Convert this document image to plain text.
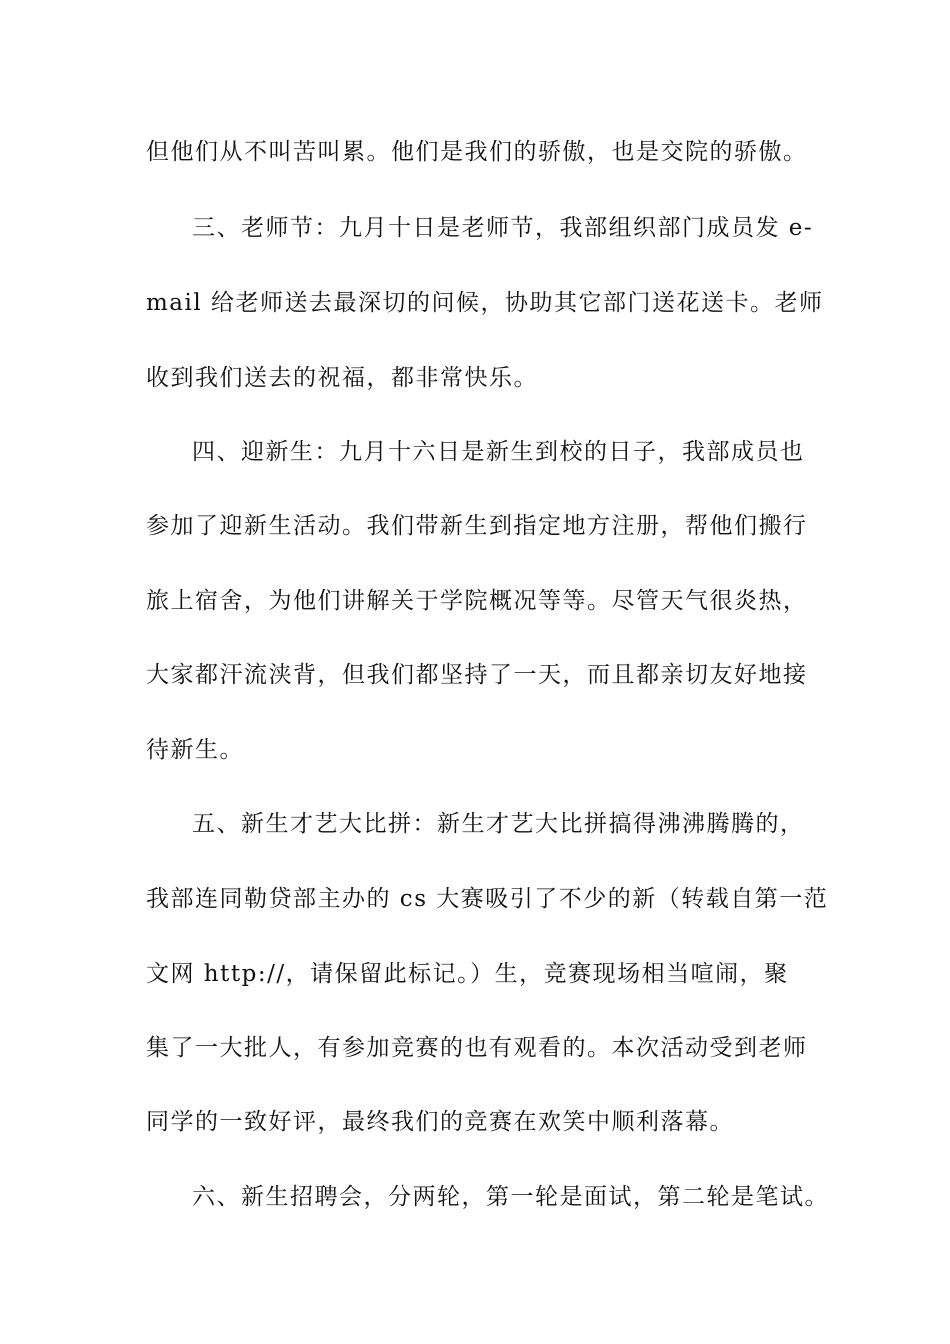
但他们从不叫苦叫累。他们是我们的骄傲，也是交院的骄傲。
三、老师节：九月十日是老师节，我部组织部门成员发 e-
mail 给老师送去最深切的问候，协助其它部门送花送卡。老师
收到我们送去的祝福，都非常快乐。
四、迎新生：九月十六日是新生到校的日子，我部成员也
参加了迎新生活动。我们带新生到指定地方注册，帮他们搬行
旅上宿舍，为他们讲解关于学院概况等等。尽管天气很炎热，
大家都汗流浃背，但我们都坚持了一天，而且都亲切友好地接
待新生。
五、新生才艺大比拼：新生才艺大比拼搞得沸沸腾腾的，
我部连同勒贷部主办的 cs 大赛吸引了不少的新（转载自第一范
文网 http://，请保留此标记。）生，竞赛现场相当喧闹，聚
集了一大批人，有参加竞赛的也有观看的。本次活动受到老师
同学的一致好评，最终我们的竞赛在欢笑中顺利落幕。
六、新生招聘会，分两轮，第一轮是面试，第二轮是笔试。
